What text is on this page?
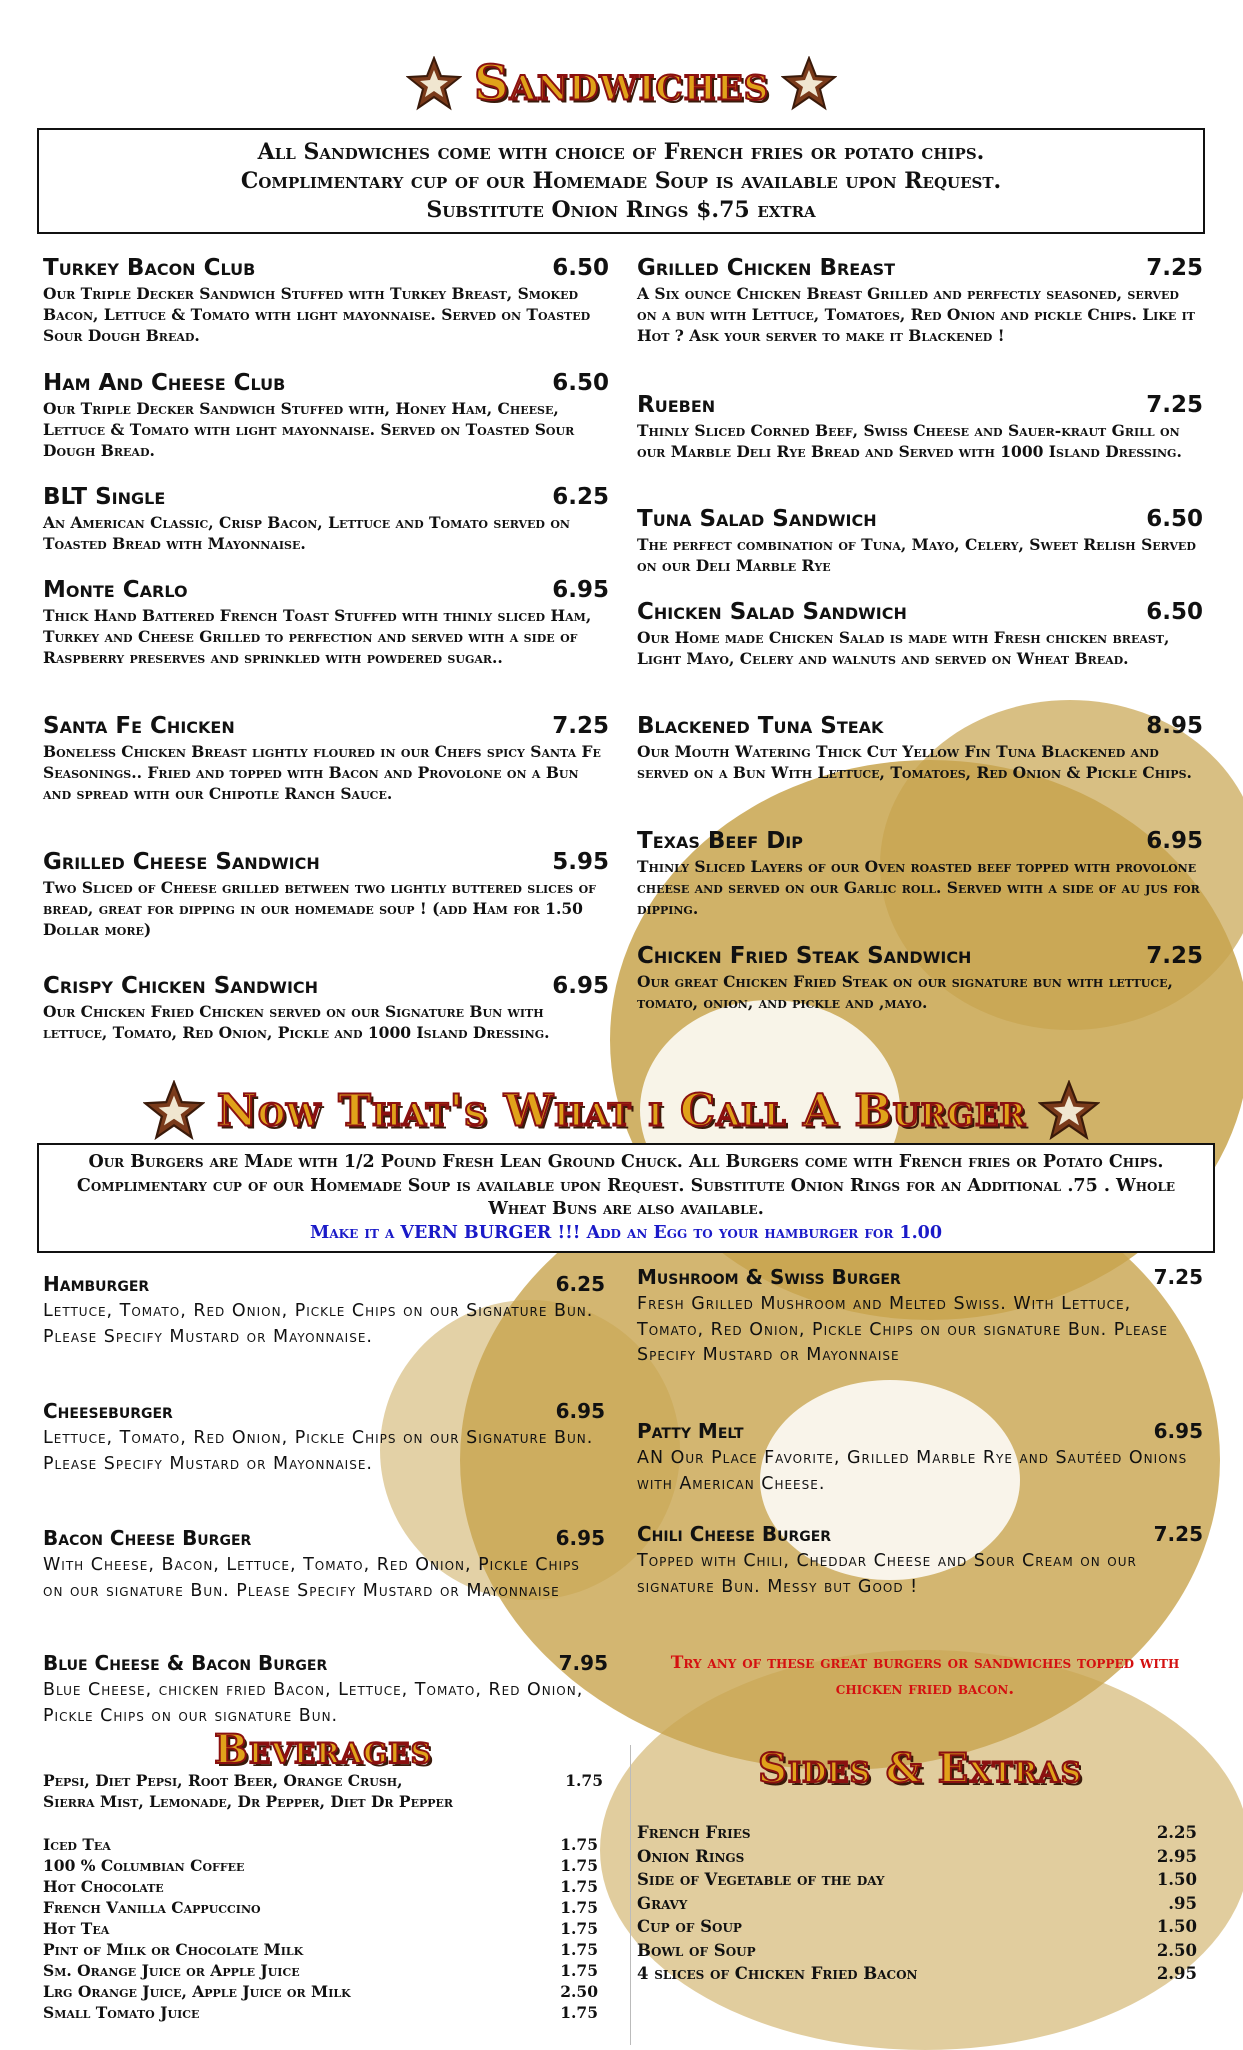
Sandwiches
All Sandwiches come with choice of French fries or potato chips.
Complimentary cup of our Homemade Soup is available upon Request.
Substitute Onion Rings $.75 extra
Turkey Bacon Club	6.50
Our Triple Decker Sandwich Stuffed with Turkey Breast, Smoked Bacon, Lettuce & Tomato with light mayonnaise. Served on Toasted Sour Dough Bread.
Ham And Cheese Club	6.50
Our Triple Decker Sandwich Stuffed with, Honey Ham, Cheese, Lettuce & Tomato with light mayonnaise. Served on Toasted Sour Dough Bread.
BLT Single	6.25
An American Classic, Crisp Bacon, Lettuce and Tomato served on Toasted Bread with Mayonnaise.
Monte Carlo	6.95
Thick Hand Battered French Toast Stuffed with thinly sliced Ham, Turkey and Cheese Grilled to perfection and served with a side of Raspberry preserves and sprinkled with powdered sugar..
Santa Fe Chicken	7.25
Boneless Chicken Breast lightly floured in our Chefs spicy Santa Fe Seasonings.. Fried and topped with Bacon and Provolone on a Bun and spread with our Chipotle Ranch Sauce.
Grilled Cheese Sandwich	5.95
Two Sliced of Cheese grilled between two lightly buttered slices of bread, great for dipping in our homemade soup ! (add Ham for 1.50 Dollar more)
Crispy Chicken Sandwich	6.95
Our Chicken Fried Chicken served on our Signature Bun with lettuce, Tomato, Red Onion, Pickle and 1000 Island Dressing.
Grilled Chicken Breast	7.25
A Six ounce Chicken Breast Grilled and perfectly seasoned, served on a bun with Lettuce, Tomatoes, Red Onion and pickle Chips. Like it Hot ? Ask your server to make it Blackened !
Rueben	7.25
Thinly Sliced Corned Beef, Swiss Cheese and Sauer-kraut Grill on our Marble Deli Rye Bread and Served with 1000 Island Dressing.
Tuna Salad Sandwich	6.50
The perfect combination of Tuna, Mayo, Celery, Sweet Relish Served on our Deli Marble Rye
Chicken Salad Sandwich	6.50
Our Home made Chicken Salad is made with Fresh chicken breast, Light Mayo, Celery and walnuts and served on Wheat Bread.
Blackened Tuna Steak	8.95
Our Mouth Watering Thick Cut Yellow Fin Tuna Blackened and served on a Bun With Lettuce, Tomatoes, Red Onion & Pickle Chips.
Texas Beef Dip	6.95
Thinly Sliced Layers of our Oven roasted beef topped with provolone cheese and served on our Garlic roll. Served with a side of au jus for dipping.
Chicken Fried Steak Sandwich	7.25
Our great Chicken Fried Steak on our signature bun with lettuce, tomato, onion, and pickle and ,mayo.
Now That's What i Call A Burger
Our Burgers are Made with 1/2 Pound Fresh Lean Ground Chuck. All Burgers come with French fries or Potato Chips. Complimentary cup of our Homemade Soup is available upon Request. Substitute Onion Rings for an Additional .75 . Whole Wheat Buns are also available.
Make it a VERN BURGER !!! Add an Egg to your hamburger for 1.00
Hamburger	6.25
Lettuce, Tomato, Red Onion, Pickle Chips on our Signature Bun. Please Specify Mustard or Mayonnaise.
Cheeseburger	6.95
Lettuce, Tomato, Red Onion, Pickle Chips on our Signature Bun. Please Specify Mustard or Mayonnaise.
Bacon Cheese Burger	6.95
With Cheese, Bacon, Lettuce, Tomato, Red Onion, Pickle Chips on our signature Bun. Please Specify Mustard or Mayonnaise
Blue Cheese & Bacon Burger	7.95
Blue Cheese, chicken fried Bacon, Lettuce, Tomato, Red Onion, Pickle Chips on our signature Bun.
Mushroom & Swiss Burger	7.25
Fresh Grilled Mushroom and Melted Swiss. With Lettuce, Tomato, Red Onion, Pickle Chips on our signature Bun. Please Specify Mustard or Mayonnaise
Patty Melt	6.95
AN Our Place Favorite, Grilled Marble Rye and Sautéed Onions with American Cheese.
Chili Cheese Burger	7.25
Topped with Chili, Cheddar Cheese and Sour Cream on our signature Bun. Messy but Good !
Try any of these great burgers or sandwiches topped with chicken fried bacon.
Beverages
Pepsi, Diet Pepsi, Root Beer, Orange Crush,	1.75
Sierra Mist, Lemonade, Dr Pepper, Diet Dr Pepper
Iced Tea	1.75
100 % Columbian Coffee	1.75
Hot Chocolate	1.75
French Vanilla Cappuccino	1.75
Hot Tea	1.75
Pint of Milk or Chocolate Milk	1.75
Sm. Orange Juice or Apple Juice	1.75
Lrg Orange Juice, Apple Juice or Milk	2.50
Small Tomato Juice	1.75
Sides & Extras
French Fries	2.25
Onion Rings	2.95
Side of Vegetable of the day	1.50
Gravy	.95
Cup of Soup	1.50
Bowl of Soup	2.50
4 slices of Chicken Fried Bacon	2.95
